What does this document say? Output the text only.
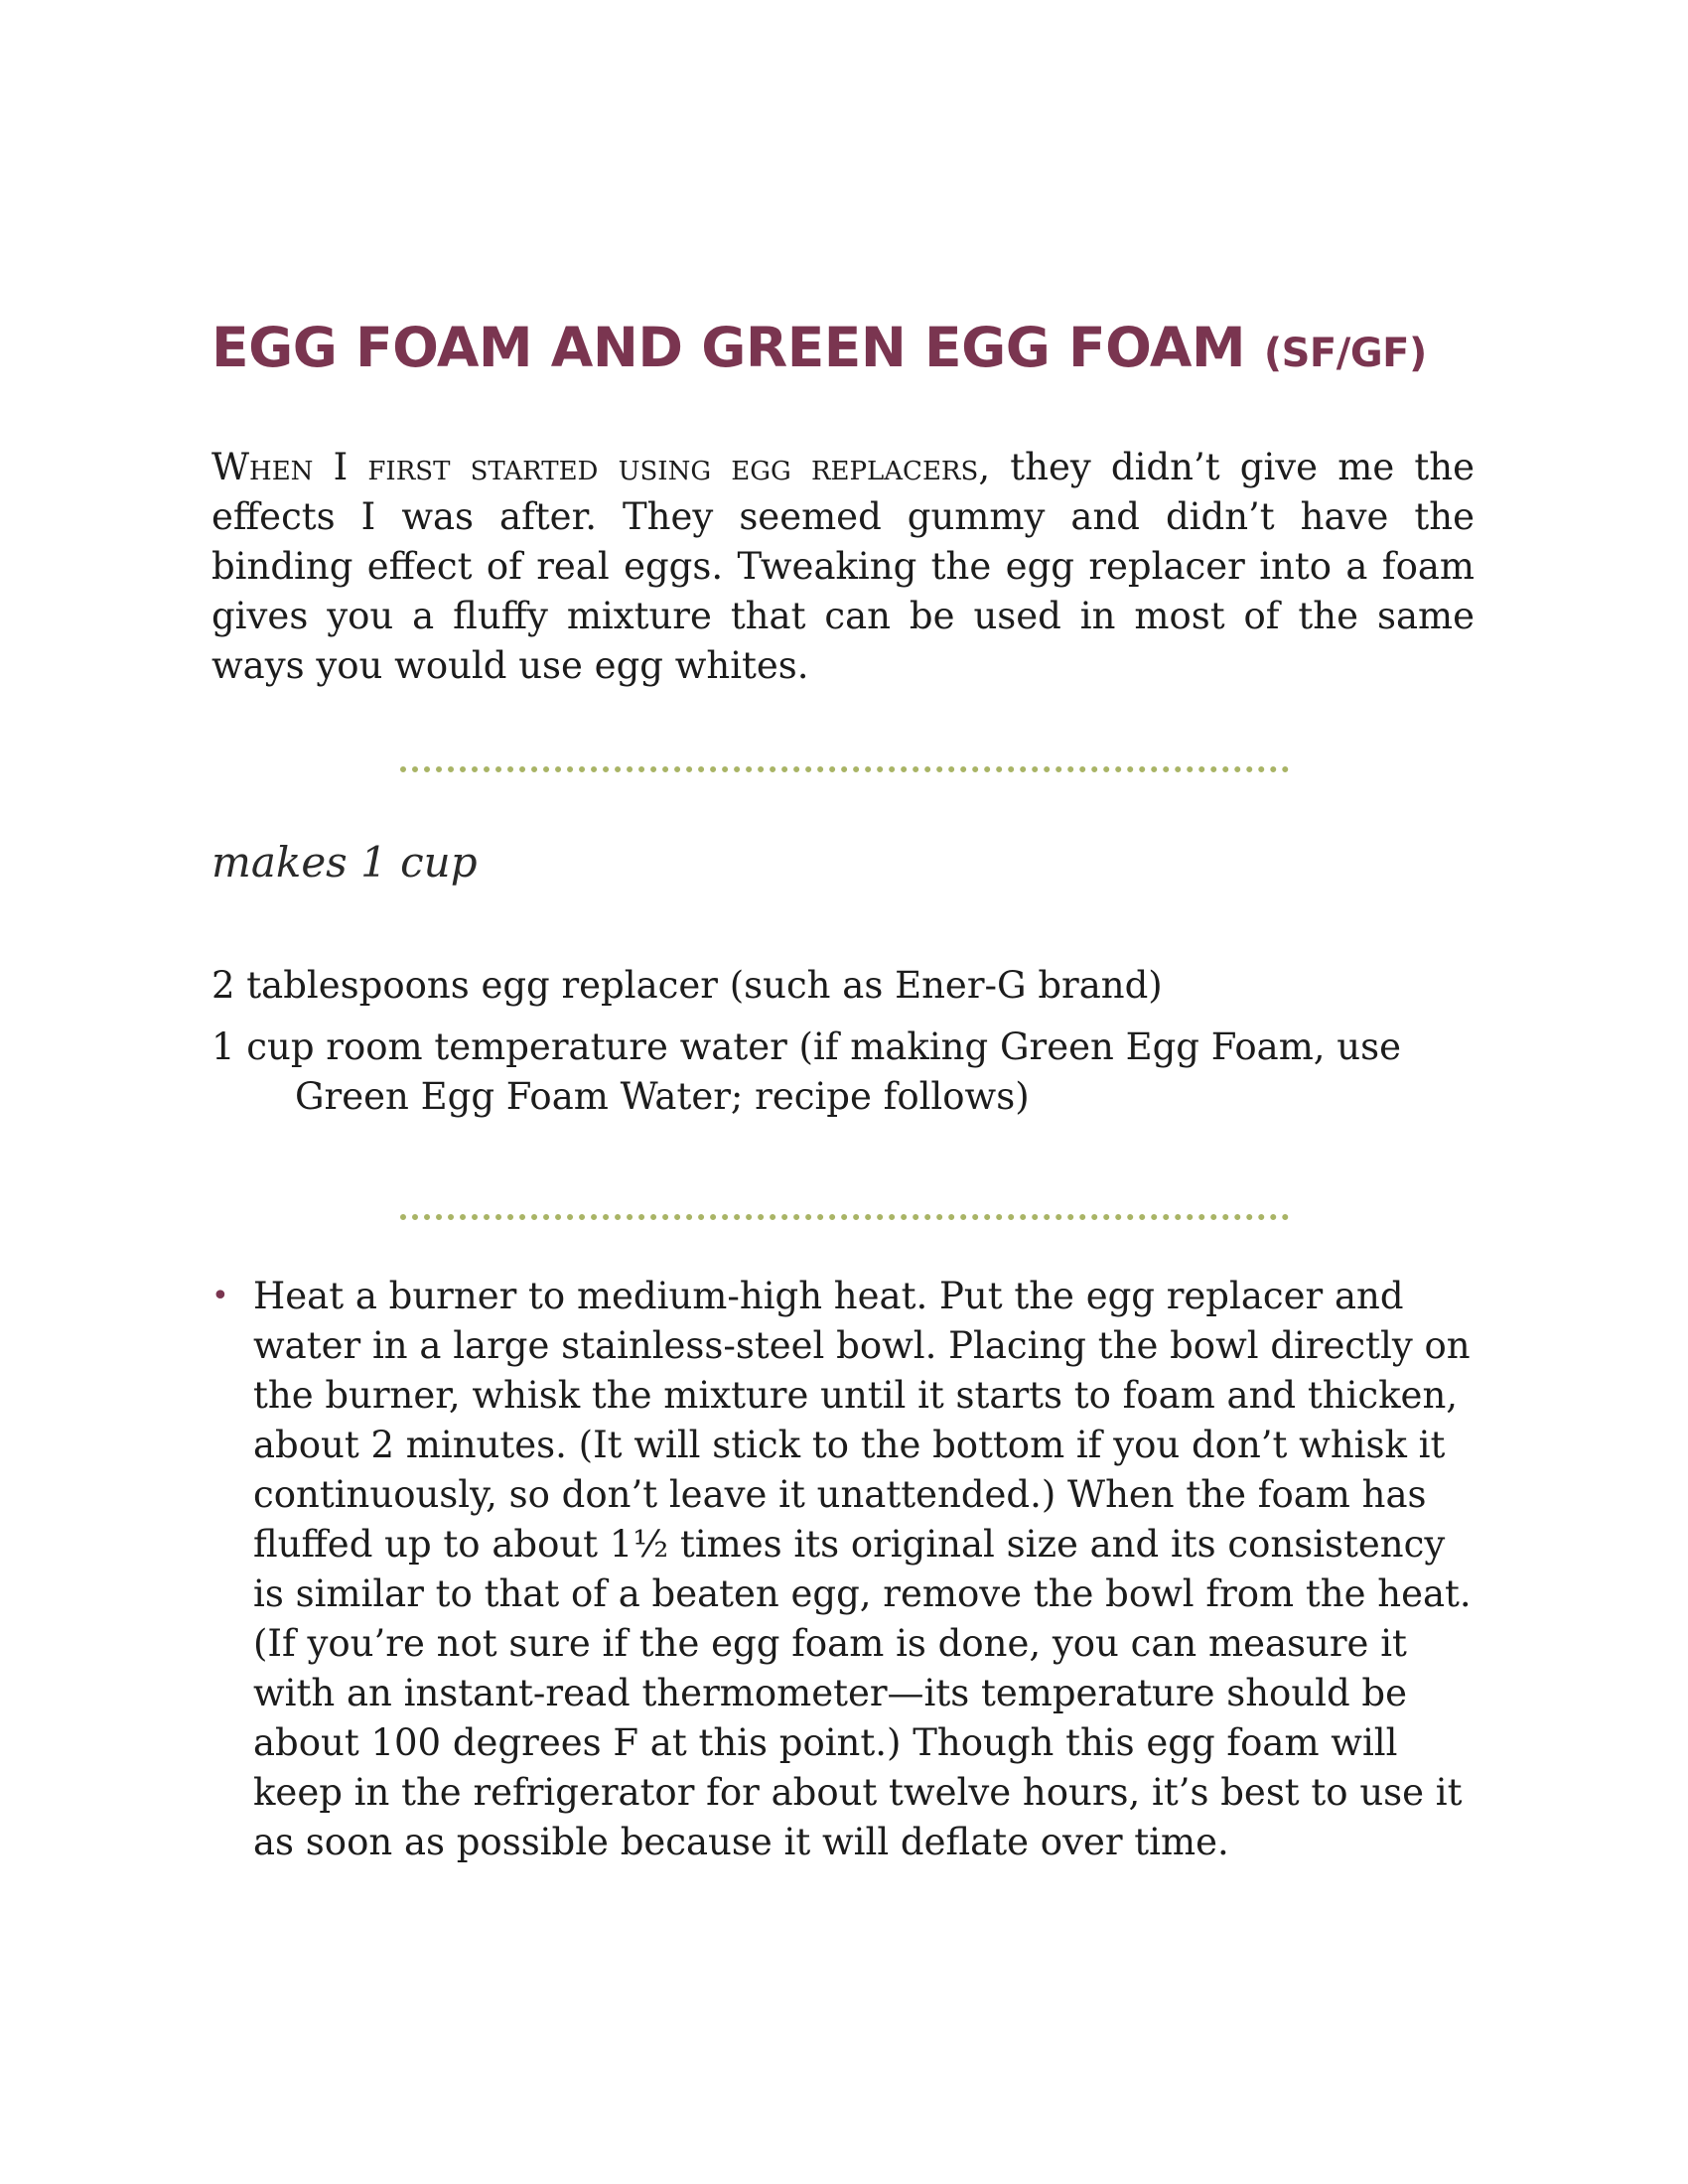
EGG FOAM AND GREEN EGG FOAM (SF/GF)

When I first started using egg replacers, they didn’t give me the effects I was after. They seemed gummy and didn’t have the binding effect of real eggs. Tweaking the egg replacer into a foam gives you a fluffy mixture that can be used in most of the same ways you would use egg whites.

makes 1 cup

2 tablespoons egg replacer (such as Ener-G brand)
1 cup room temperature water (if making Green Egg Foam, use Green Egg Foam Water; recipe follows)
• Heat a burner to medium-high heat. Put the egg replacer and water in a large stainless-steel bowl. Placing the bowl directly on the burner, whisk the mixture until it starts to foam and thicken, about 2 minutes. (It will stick to the bottom if you don’t whisk it continuously, so don’t leave it unattended.) When the foam has fluffed up to about 1½ times its original size and its consistency is similar to that of a beaten egg, remove the bowl from the heat. (If you’re not sure if the egg foam is done, you can measure it with an instant-read thermometer—its temperature should be about 100 degrees F at this point.) Though this egg foam will keep in the refrigerator for about twelve hours, it’s best to use it as soon as possible because it will deflate over time.
